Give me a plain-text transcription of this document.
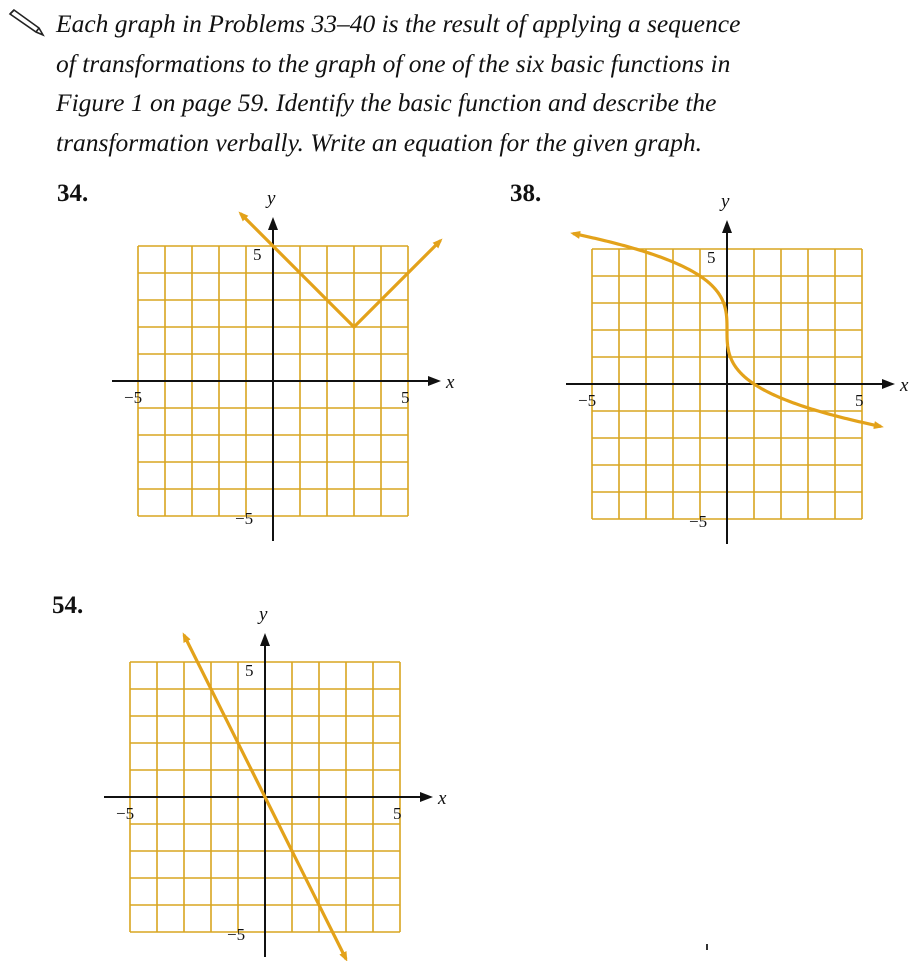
Each graph in Problems 33–40 is the result of applying a sequence
of transformations to the graph of one of the six basic functions in
Figure 1 on page 59. Identify the basic function and describe the
transformation verbally. Write an equation for the given graph.
34.	38.
54.
x
y
−5	5
5
−5
x
y
−5	5
5
−5
x
y
−5	5
5
−5
